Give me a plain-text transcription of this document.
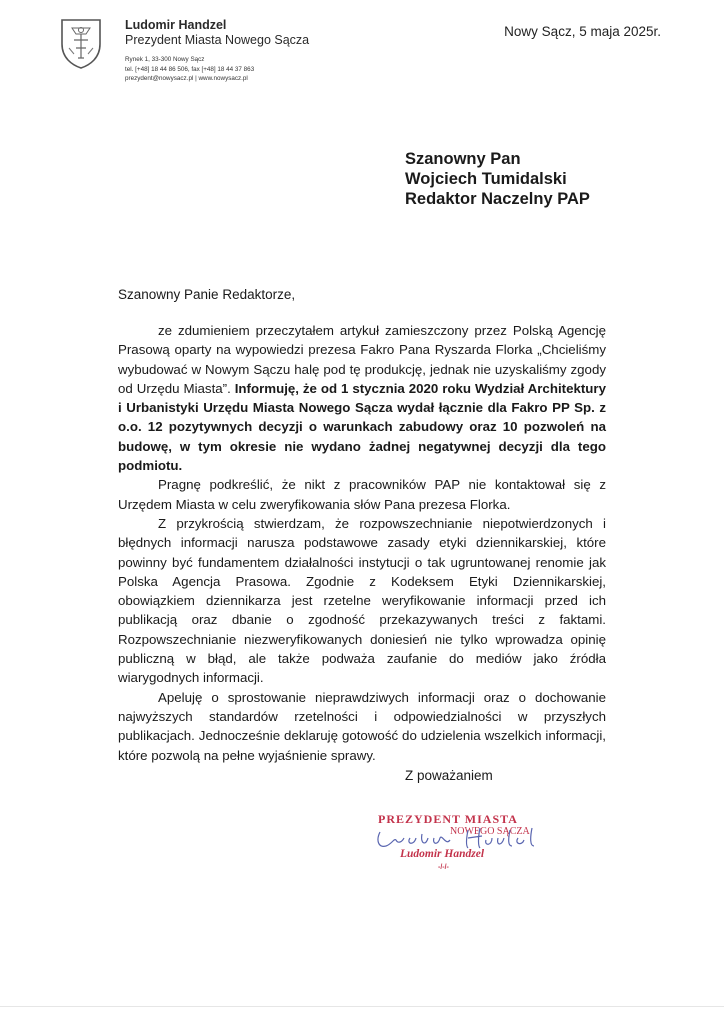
Ludomir Handzel
Prezydent Miasta Nowego Sącza
Rynek 1, 33-300 Nowy Sącz
tel. [+48] 18 44 86 506, fax [+48] 18 44 37 863
prezydent@nowysacz.pl | www.nowysacz.pl
Nowy Sącz, 5 maja 2025r.
Szanowny Pan
Wojciech Tumidalski
Redaktor Naczelny PAP
Szanowny Panie Redaktorze,

ze zdumieniem przeczytałem artykuł zamieszczony przez Polską Agencję Prasową oparty na wypowiedzi prezesa Fakro Pana Ryszarda Florka „Chcieliśmy wybudować w Nowym Sączu halę pod tę produkcję, jednak nie uzyskaliśmy zgody od Urzędu Miasta”. Informuję, że od 1 stycznia 2020 roku Wydział Architektury i Urbanistyki Urzędu Miasta Nowego Sącza wydał łącznie dla Fakro PP Sp. z o.o. 12 pozytywnych decyzji o warunkach zabudowy oraz 10 pozwoleń na budowę, w tym okresie nie wydano żadnej negatywnej decyzji dla tego podmiotu.

Pragnę podkreślić, że nikt z pracowników PAP nie kontaktował się z Urzędem Miasta w celu zweryfikowania słów Pana prezesa Florka.

Z przykrością stwierdzam, że rozpowszechnianie niepotwierdzonych i błędnych informacji narusza podstawowe zasady etyki dziennikarskiej, które powinny być fundamentem działalności instytucji o tak ugruntowanej renomie jak Polska Agencja Prasowa. Zgodnie z Kodeksem Etyki Dziennikarskiej, obowiązkiem dziennikarza jest rzetelne weryfikowanie informacji przed ich publikacją oraz dbanie o zgodność przekazywanych treści z faktami. Rozpowszechnianie niezweryfikowanych doniesień nie tylko wprowadza opinię publiczną w błąd, ale także podważa zaufanie do mediów jako źródła wiarygodnych informacji.

Apeluję o sprostowanie nieprawdziwych informacji oraz o dochowanie najwyższych standardów rzetelności i odpowiedzialności w przyszłych publikacjach. Jednocześnie deklaruję gotowość do udzielenia wszelkich informacji, które pozwolą na pełne wyjaśnienie sprawy.

Z poważaniem
PREZYDENT MIASTA
NOWEGO SĄCZA
Ludomir Handzel
-/-/-
